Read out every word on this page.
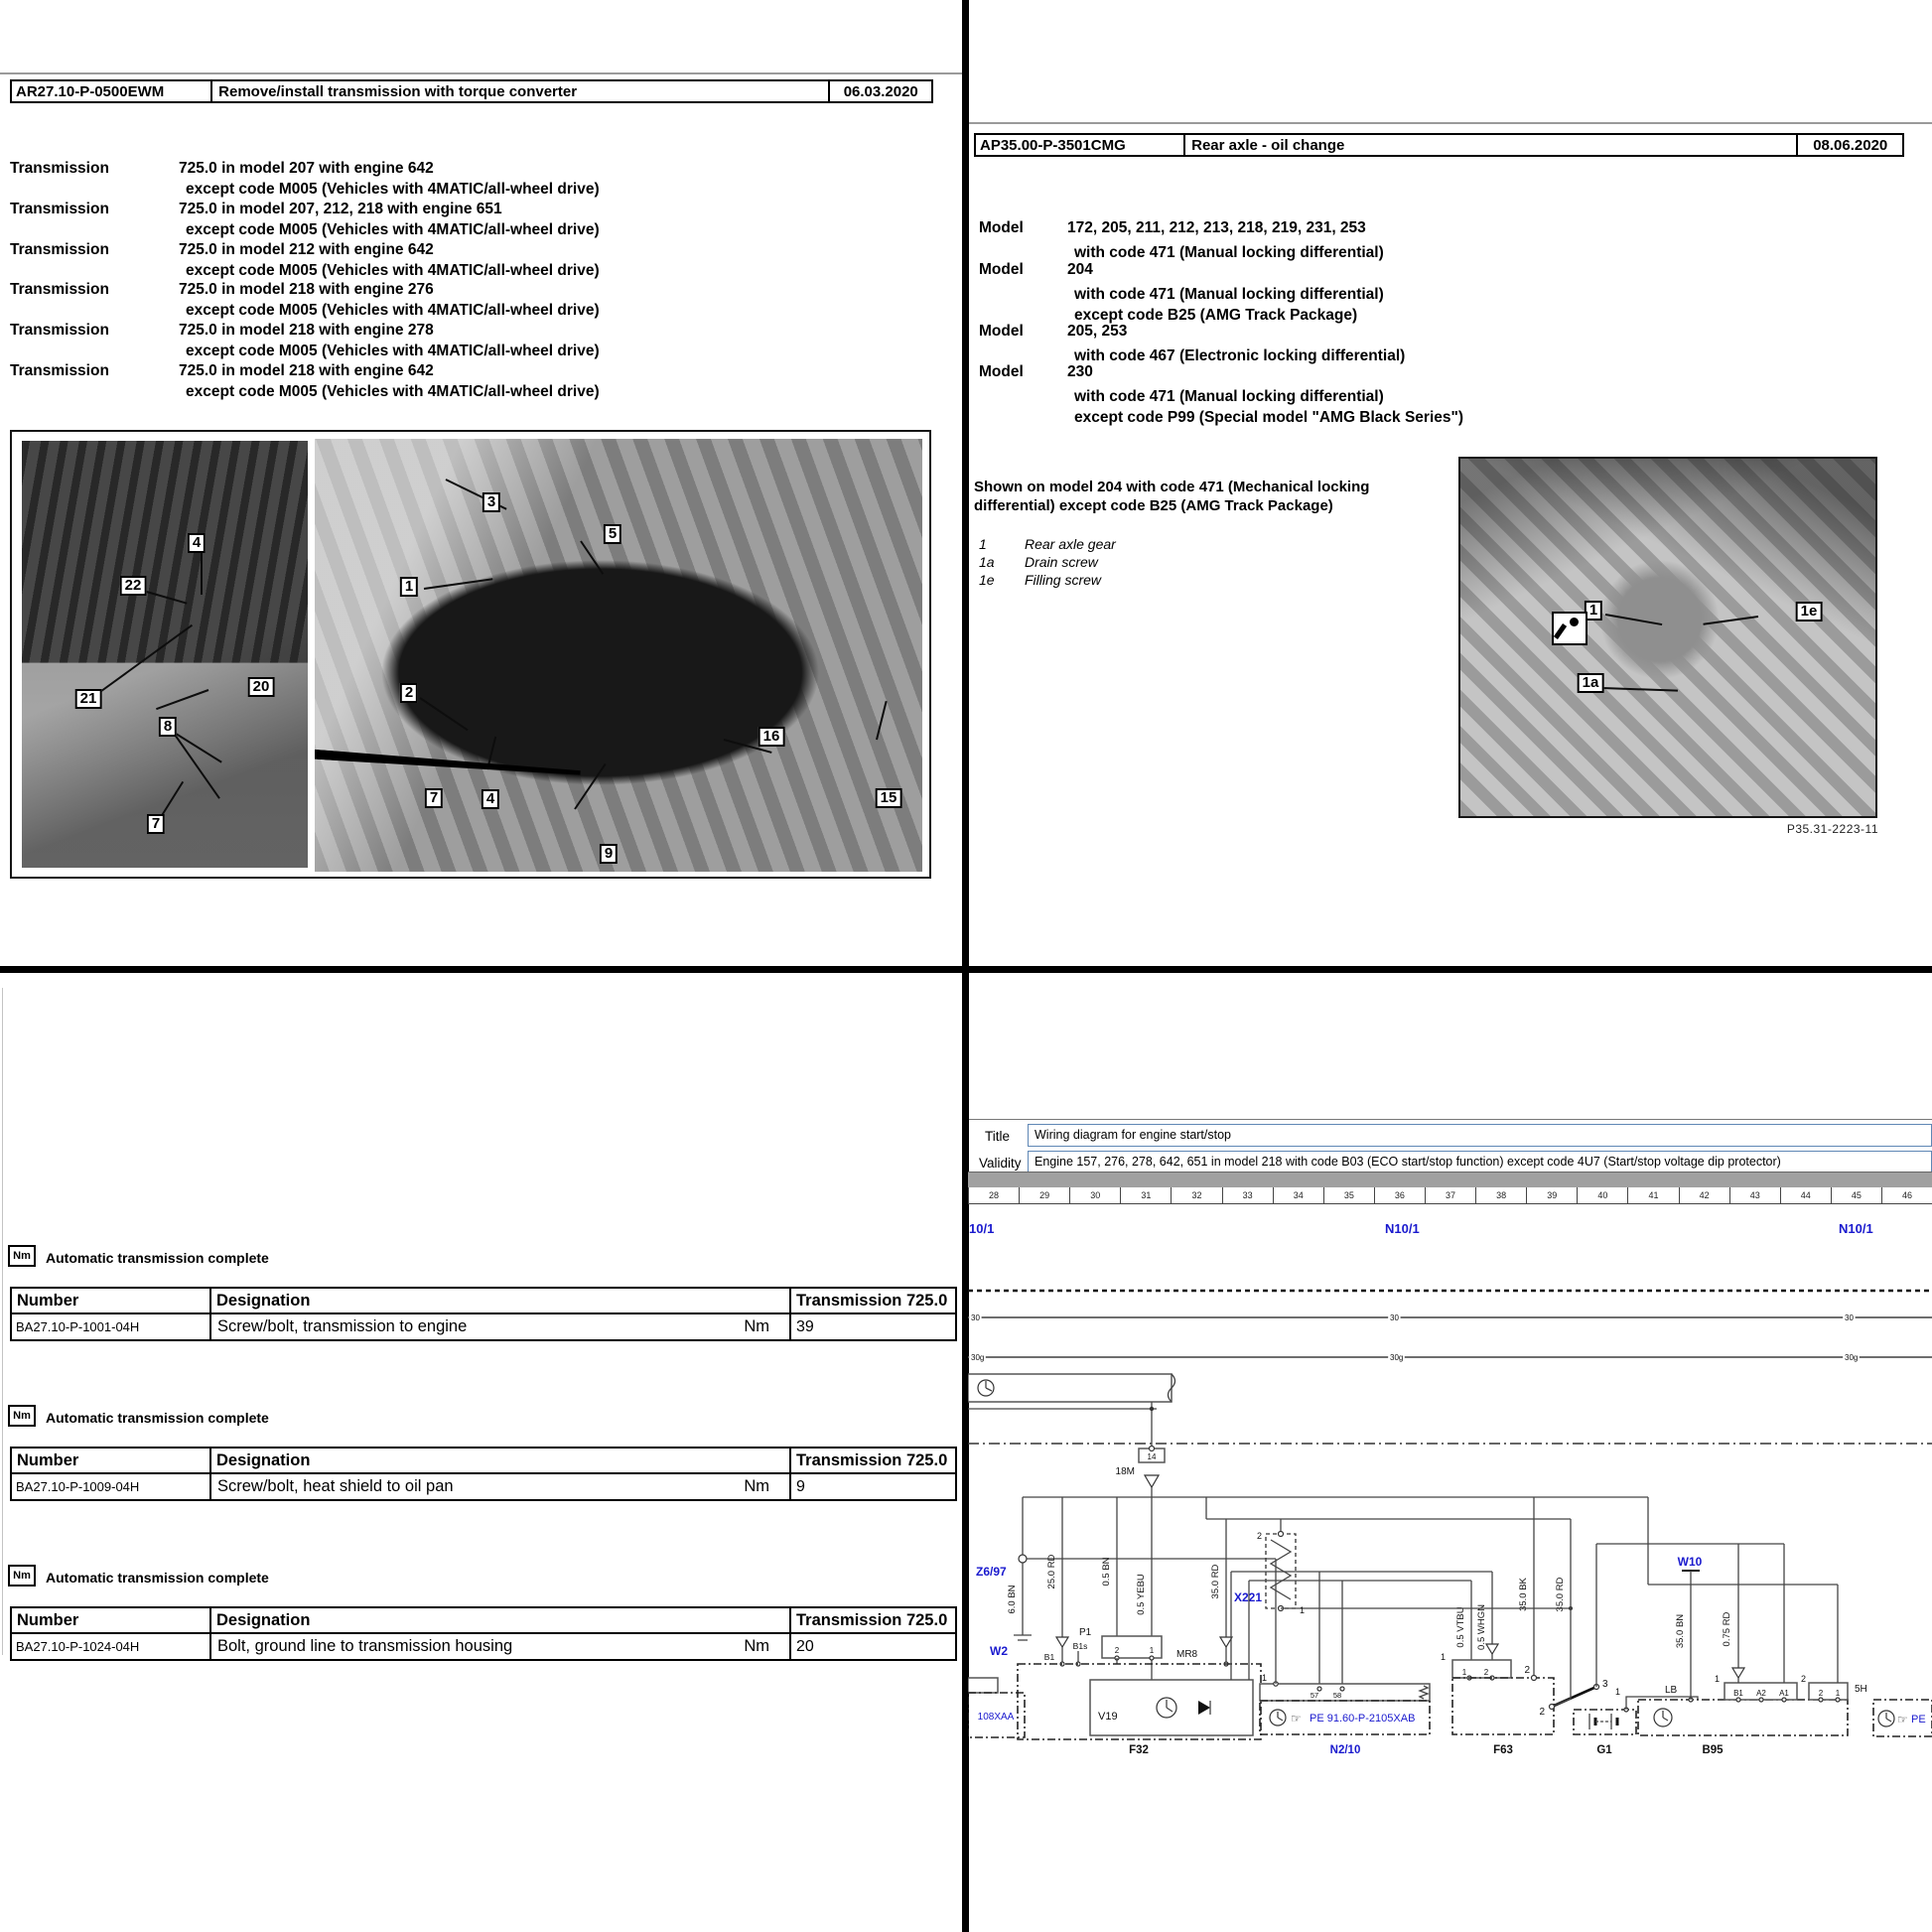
AR27.10-P-0500EWM	Remove/install transmission with torque converter	06.03.2020
Transmission	725.0 in model 207 with engine 642
except code M005 (Vehicles with 4MATIC/all-wheel drive)
Transmission	725.0 in model 207, 212, 218 with engine 651
except code M005 (Vehicles with 4MATIC/all-wheel drive)
Transmission	725.0 in model 212 with engine 642
except code M005 (Vehicles with 4MATIC/all-wheel drive)
Transmission	725.0 in model 218 with engine 276
except code M005 (Vehicles with 4MATIC/all-wheel drive)
Transmission	725.0 in model 218 with engine 278
except code M005 (Vehicles with 4MATIC/all-wheel drive)
Transmission	725.0 in model 218 with engine 642
except code M005 (Vehicles with 4MATIC/all-wheel drive)
4
22
21
20
8
7
3
5
1
2
16
7	4
9
15
AP35.00-P-3501CMG	Rear axle - oil change	08.06.2020
Model	172, 205, 211, 212, 213, 218, 219, 231, 253
with code 471 (Manual locking differential)
Model	204
with code 471 (Manual locking differential)
except code B25 (AMG Track Package)
Model	205, 253
with code 467 (Electronic locking differential)
Model	230
with code 471 (Manual locking differential)
except code P99 (Special model "AMG Black Series")
Shown on model 204 with code 471 (Mechanical locking differential) except code B25 (AMG Track Package)
1	Rear axle gear
1a Drain screw
1e Filling screw
1	1e
1a
P35.31-2223-11
Nm	Automatic transmission complete
Number	Designation	Transmission 725.0
BA27.10-P-1001-04H	Screw/bolt, transmission to engine Nm	39
Nm	Automatic transmission complete
Number	Designation	Transmission 725.0
BA27.10-P-1009-04H	Screw/bolt, heat shield to oil pan Nm	9
Nm	Automatic transmission complete
Number	Designation	Transmission 725.0
BA27.10-P-1024-04H	Bolt, ground line to transmission housing Nm	20
Title	Wiring diagram for engine start/stop
Validity	Engine 157, 276, 278, 642, 651 in model 218 with code B03 (ECO start/stop function) except code 4U7 (Start/stop voltage dip protector)
28	29	30	31	32	33	34	35	36	37	38	39	40	41	42	43	44	45	46
30	30	30
30g	30g	30g
10/1	N10/1	N10/1
14
18M
Z6/97
W2	2	1
P1
MR8
B1
B1s
6.0 BN
25.0 RD	0.5 BN
0.5 YEBU	35.0 RD
0.5 VTBU 0.5 WHGN
35.0 BK	35.0 RD
35.0 BN	0.75 RD
2
1
X221
V19
F32
108XAA
1
57 58
☞ PE 91.60-P-2105XAB
N2/10
1
1 2	2
F63
3
2
1
G1	B95
1	2
B1 A2 A1	2 1
LB
W10
5H
☞ PE
